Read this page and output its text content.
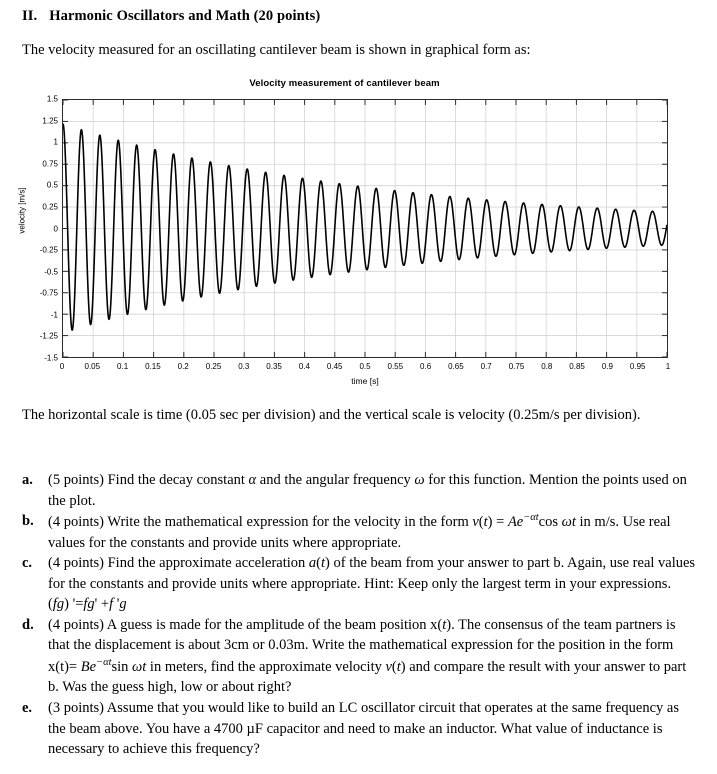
II. Harmonic Oscillators and Math (20 points)
The velocity measured for an oscillating cantilever beam is shown in graphical form as:
Velocity measurement of cantilever beam
velocity [m/s]
1.5
1.25
1
0.75
0.5
0.25
0
-0.25
-0.5
-0.75
-1
-1.25
-1.5
0	0.05 0.1 0.15 0.2 0.25 0.3 0.35 0.4 0.45 0.5 0.55 0.6 0.65 0.7 0.75 0.8 0.85 0.9 0.95	1
time [s]
The horizontal scale is time (0.05 sec per division) and the vertical scale is velocity (0.25m/s per division).
a.	(5 points) Find the decay constant α and the angular frequency ω for this function. Mention the points used on the plot.
b. (4 points) Write the mathematical expression for the velocity in the form $v(t) = Ae^{-\alpha t}\cos$ ωt in m/s. Use real values for the constants and provide units where appropriate.
c.	(4 points) Find the approximate acceleration a(t) of the beam from your answer to part b. Again, use real values for the constants and provide units where appropriate. Hint: Keep only the largest term in your expressions. (fg) '=fg' +f 'g
d. (4 points) A guess is made for the amplitude of the beam position x(t). The consensus of the team partners is that the displacement is about 3cm or 0.03m. Write the mathematical expression for the position in the form $x(t)= Be^{-\alpha t}\sin$ ωt in meters, find the approximate velocity v(t) and compare the result with your answer to part b. Was the guess high, low or about right?
e.	(3 points) Assume that you would like to build an LC oscillator circuit that operates at the same frequency as the beam above. You have a 4700 µF capacitor and need to make an inductor. What value of inductance is necessary to achieve this frequency?
